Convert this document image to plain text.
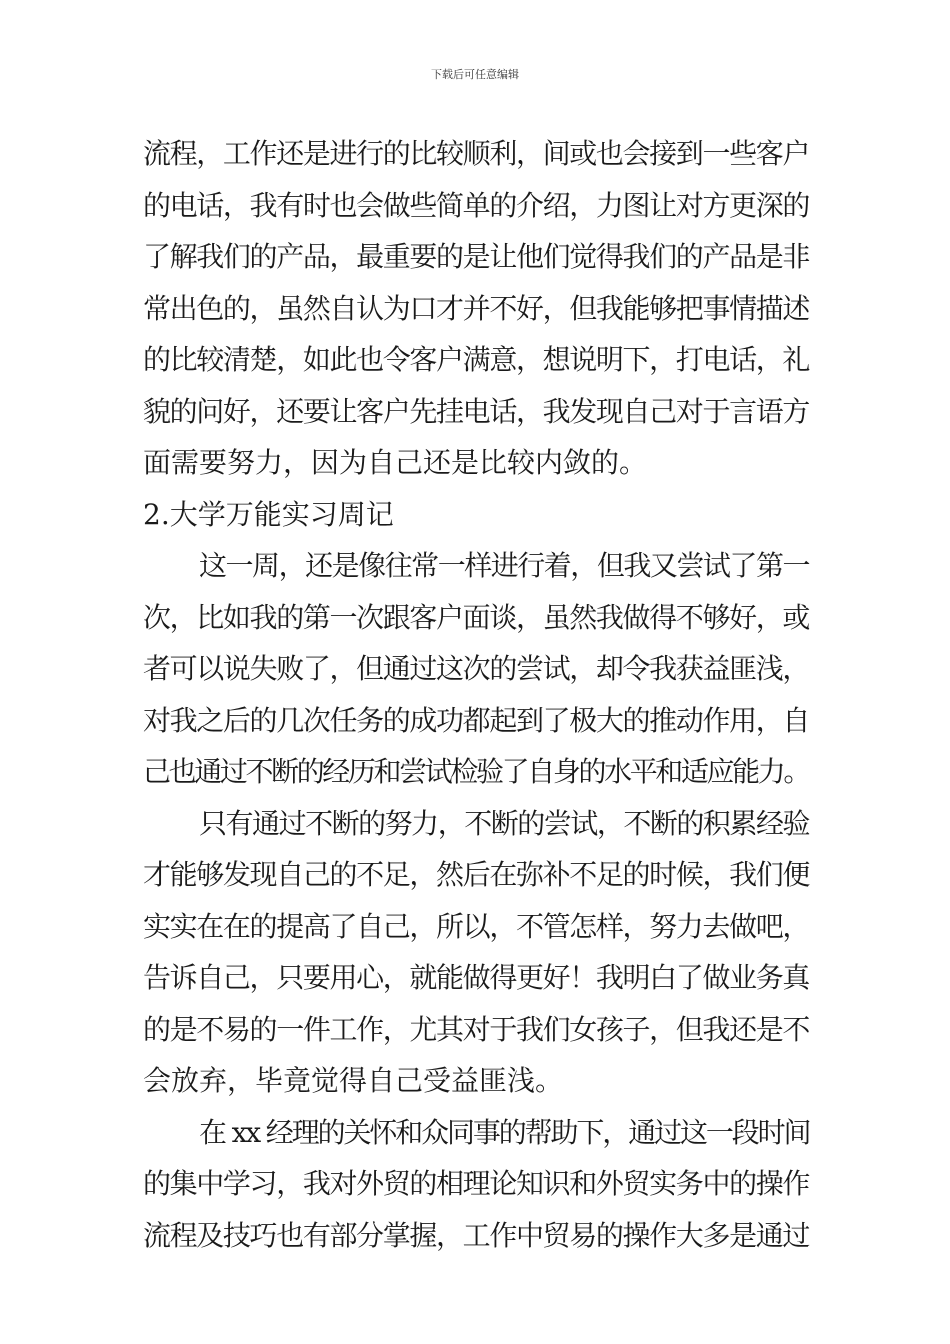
下载后可任意编辑
流程，工作还是进行的比较顺利，间或也会接到一些客户
的电话，我有时也会做些简单的介绍，力图让对方更深的
了解我们的产品，最重要的是让他们觉得我们的产品是非
常出色的，虽然自认为口才并不好，但我能够把事情描述
的比较清楚，如此也令客户满意，想说明下，打电话，礼
貌的问好，还要让客户先挂电话，我发现自己对于言语方
面需要努力，因为自己还是比较内敛的。
2.大学万能实习周记
这一周，还是像往常一样进行着，但我又尝试了第一
次，比如我的第一次跟客户面谈，虽然我做得不够好，或
者可以说失败了，但通过这次的尝试，却令我获益匪浅，
对我之后的几次任务的成功都起到了极大的推动作用，自
己也通过不断的经历和尝试检验了自身的水平和适应能力。
只有通过不断的努力，不断的尝试，不断的积累经验
才能够发现自己的不足，然后在弥补不足的时候，我们便
实实在在的提高了自己，所以，不管怎样，努力去做吧，
告诉自己，只要用心，就能做得更好！我明白了做业务真
的是不易的一件工作，尤其对于我们女孩子，但我还是不
会放弃，毕竟觉得自己受益匪浅。
在 xx 经理的关怀和众同事的帮助下，通过这一段时间
的集中学习，我对外贸的相理论知识和外贸实务中的操作
流程及技巧也有部分掌握，工作中贸易的操作大多是通过
